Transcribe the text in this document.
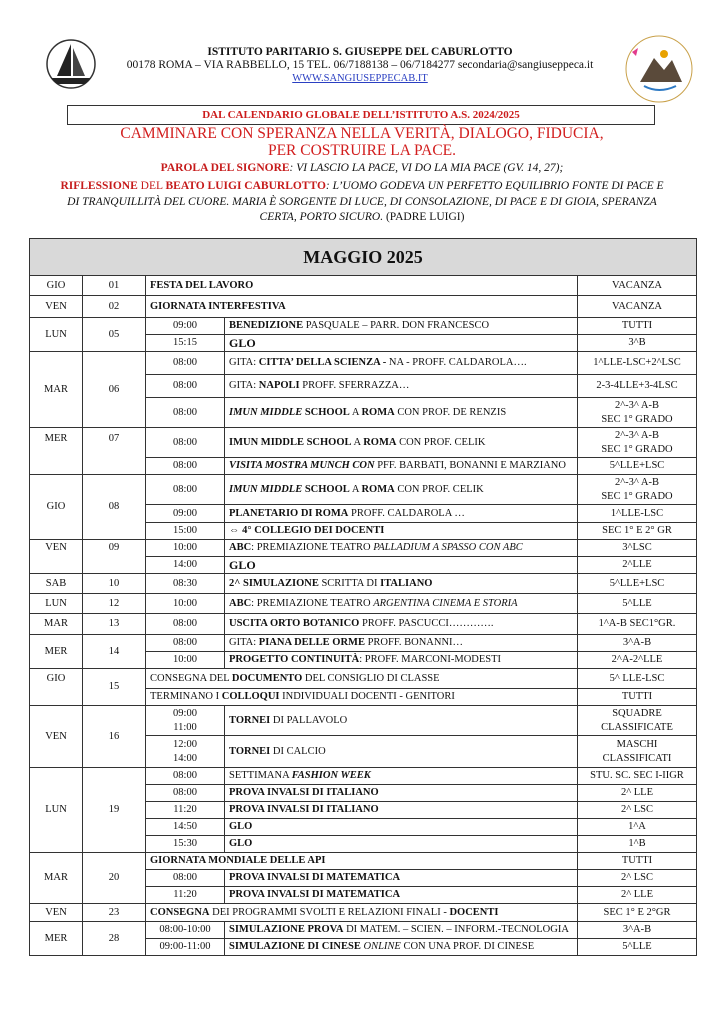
ISTITUTO PARITARIO S. GIUSEPPE DEL CABURLOTTO
00178 ROMA – VIA RABBELLO, 15 TEL. 06/7188138 – 06/7184277 secondaria@sangiuseppeca.it
WWW.SANGIUSEPPECAB.IT
DAL CALENDARIO GLOBALE DELL’ISTITUTO A.S. 2024/2025
CAMMINARE CON SPERANZA NELLA VERITÀ, DIALOGO, FIDUCIA,
PER COSTRUIRE LA PACE.
PAROLA DEL SIGNORE: VI LASCIO LA PACE, VI DO LA MIA PACE (GV. 14, 27);
RIFLESSIONE DEL BEATO LUIGI CABURLOTTO: L’UOMO GODEVA UN PERFETTO EQUILIBRIO FONTE DI PACE E DI TRANQUILLITÀ DEL CUORE. MARIA È SORGENTE DI LUCE, DI CONSOLAZIONE, DI PACE E DI GIOIA, SPERANZA CERTA, PORTO SICURO. (PADRE LUIGI)
MAGGIO 2025				
GIO	01	FESTA DEL LAVORO		VACANZA
VEN	02	GIORNATA INTERFESTIVA		VACANZA
LUN	05	09:00	BENEDIZIONE PASQUALE – PARR. DON FRANCESCO	TUTTI
		15:15	GLO	3^B
MAR	06	08:00	GITA: CITTA’ DELLA SCIENZA - NA - PROFF. CALDAROLA….	1^LLE-LSC+2^LSC
		08:00	GITA: NAPOLI PROFF. SFERRAZZA…	2-3-4LLE+3-4LSC
		08:00	IMUN MIDDLE SCHOOL A ROMA CON PROF. DE RENZIS	2^-3^ A-B
SEC 1° GRADO

MER	07	08:00	IMUN MIDDLE SCHOOL A ROMA CON PROF. CELIK	2^-3^ A-B
SEC 1° GRADO

		08:00	VISITA MOSTRA MUNCH CON PFF. BARBATI, BONANNI E MARZIANO	5^LLE+LSC
GIO	08	08:00	IMUN MIDDLE SCHOOL A ROMA CON PROF. CELIK	2^-3^ A-B
SEC 1° GRADO

		09:00	PLANETARIO DI ROMA PROFF. CALDAROLA …	1^LLE-LSC
		15:00	⇔ 4° COLLEGIO DEI DOCENTI	SEC 1° E 2° GR
VEN	09	10:00	ABC: PREMIAZIONE TEATRO PALLADIUM A SPASSO CON ABC	3^LSC
		14:00	GLO	2^LLE
SAB	10	08:30	2^ SIMULAZIONE SCRITTA DI ITALIANO	5^LLE+LSC
LUN	12	10:00	ABC: PREMIAZIONE TEATRO ARGENTINA CINEMA E STORIA	5^LLE
MAR	13	08:00	USCITA ORTO BOTANICO PROFF. PASCUCCI………….	1^A-B SEC1°GR.
MER	14	08:00	GITA: PIANA DELLE ORME PROFF. BONANNI…	3^A-B
		10:00	PROGETTO CONTINUITÀ: PROFF. MARCONI-MODESTI	2^A-2^LLE
GIO	15	CONSEGNA DEL DOCUMENTO DEL CONSIGLIO DI CLASSE		5^ LLE-LSC
		TERMINANO I COLLOQUI INDIVIDUALI DOCENTI - GENITORI		TUTTI
VEN	16	09:00
11:00	TORNEI DI PALLAVOLO	SQUADRE
CLASSIFICATE

		12:00
14:00	TORNEI DI CALCIO	MASCHI
CLASSIFICATI

LUN	19	08:00	SETTIMANA FASHION WEEK	STU. SC. SEC I-IIGR
		08:00	PROVA INVALSI DI ITALIANO	2^ LLE
		11:20	PROVA INVALSI DI ITALIANO	2^ LSC
		14:50	GLO	1^A
		15:30	GLO	1^B
MAR	20	GIORNATA MONDIALE DELLE API		TUTTI
		08:00	PROVA INVALSI DI MATEMATICA	2^ LSC
		11:20	PROVA INVALSI DI MATEMATICA	2^ LLE
VEN	23	CONSEGNA DEI PROGRAMMI SVOLTI E RELAZIONI FINALI - DOCENTI		SEC 1° E 2°GR
MER	28	08:00-10:00	SIMULAZIONE PROVA DI MATEM. – SCIEN. – INFORM.-TECNOLOGIA	3^A-B
		09:00-11:00	SIMULAZIONE DI CINESE ONLINE CON UNA PROF. DI CINESE	5^LLE
